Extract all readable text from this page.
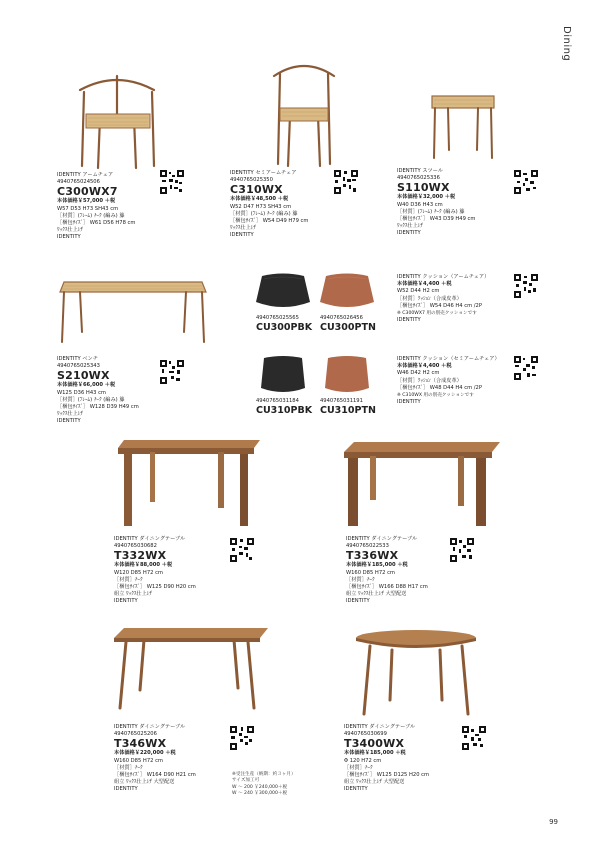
Dining
99
IDENTITY アームチェア
4940765024506
C300WX7
本体価格￥57,000 ＋税
W57 D53 H73 SH43 cm
［材質］(ﾌﾚｰﾑ) ﾁｰｸ (編み) 籐
［梱包ｻｲｽﾞ］ W61 D56 H78 cm
ﾜｯｸｽ仕上げ
IDENTITY
IDENTITY セミアームチェア
4940765025350
C310WX
本体価格￥48,500 ＋税
W52 D47 H73 SH43 cm
［材質］(ﾌﾚｰﾑ) ﾁｰｸ (編み) 籐
［梱包ｻｲｽﾞ］ W54 D49 H79 cm
ﾜｯｸｽ仕上げ
IDENTITY
IDENTITY スツール
4940765025336
S110WX
本体価格￥32,000 ＋税
W40 D36 H43 cm
［材質］(ﾌﾚｰﾑ) ﾁｰｸ (編み) 籐
［梱包ｻｲｽﾞ］ W43 D39 H49 cm
ﾜｯｸｽ仕上げ
IDENTITY
IDENTITY ベンチ
4940765025343
S210WX
本体価格￥66,000 ＋税
W125 D36 H43 cm
［材質］(ﾌﾚｰﾑ) ﾁｰｸ (編み) 籐
［梱包ｻｲｽﾞ］ W128 D39 H49 cm
ﾜｯｸｽ仕上げ
IDENTITY
4940765025565
CU300PBK
4940765026456
CU300PTN
4940765031184
CU310PBK
4940765031191
CU310PTN
IDENTITY クッション（アームチェア）
本体価格￥4,400 ＋税
W52 D44 H2 cm
［材質］ｸｯｼｮﾝ（合成皮革）
［梱包ｻｲｽﾞ］ W54 D46 H4 cm /2P
※ C300WX7 用の別売クッションです
IDENTITY
IDENTITY クッション（セミアームチェア）
本体価格￥4,400 ＋税
W46 D42 H2 cm
［材質］ｸｯｼｮﾝ（合成皮革）
［梱包ｻｲｽﾞ］ W48 D44 H4 cm /2P
※ C310WX 用の別売クッションです
IDENTITY
IDENTITY ダイニングテーブル
4940765030682
T332WX
本体価格￥88,000 ＋税
W120 D85 H72 cm
［材質］ﾁｰｸ
［梱包ｻｲｽﾞ］ W125 D90 H20 cm
組立 ﾜｯｸｽ仕上げ
IDENTITY
IDENTITY ダイニングテーブル
4940765022533
T336WX
本体価格￥185,000 ＋税
W160 D85 H72 cm
［材質］ﾁｰｸ
［梱包ｻｲｽﾞ］ W166 D88 H17 cm
組立 ﾜｯｸｽ仕上げ 大型配送
IDENTITY
IDENTITY ダイニングテーブル
4940765025206
T346WX
本体価格￥220,000 ＋税
W160 D85 H72 cm
［材質］ﾁｰｸ
［梱包ｻｲｽﾞ］ W164 D90 H21 cm
組立 ﾜｯｸｽ仕上げ 大型配送
IDENTITY
※受注生産（納期：約３ヶ月）
サイズ加工可
W ～ 200 ￥240,000＋税
W ～ 240 ￥300,000＋税
IDENTITY ダイニングテーブル
4940765030699
T3400WX
本体価格￥185,000 ＋税
Φ 120 H72 cm
［材質］ﾁｰｸ
［梱包ｻｲｽﾞ］ W125 D125 H20 cm
組立 ﾜｯｸｽ仕上げ 大型配送
IDENTITY
